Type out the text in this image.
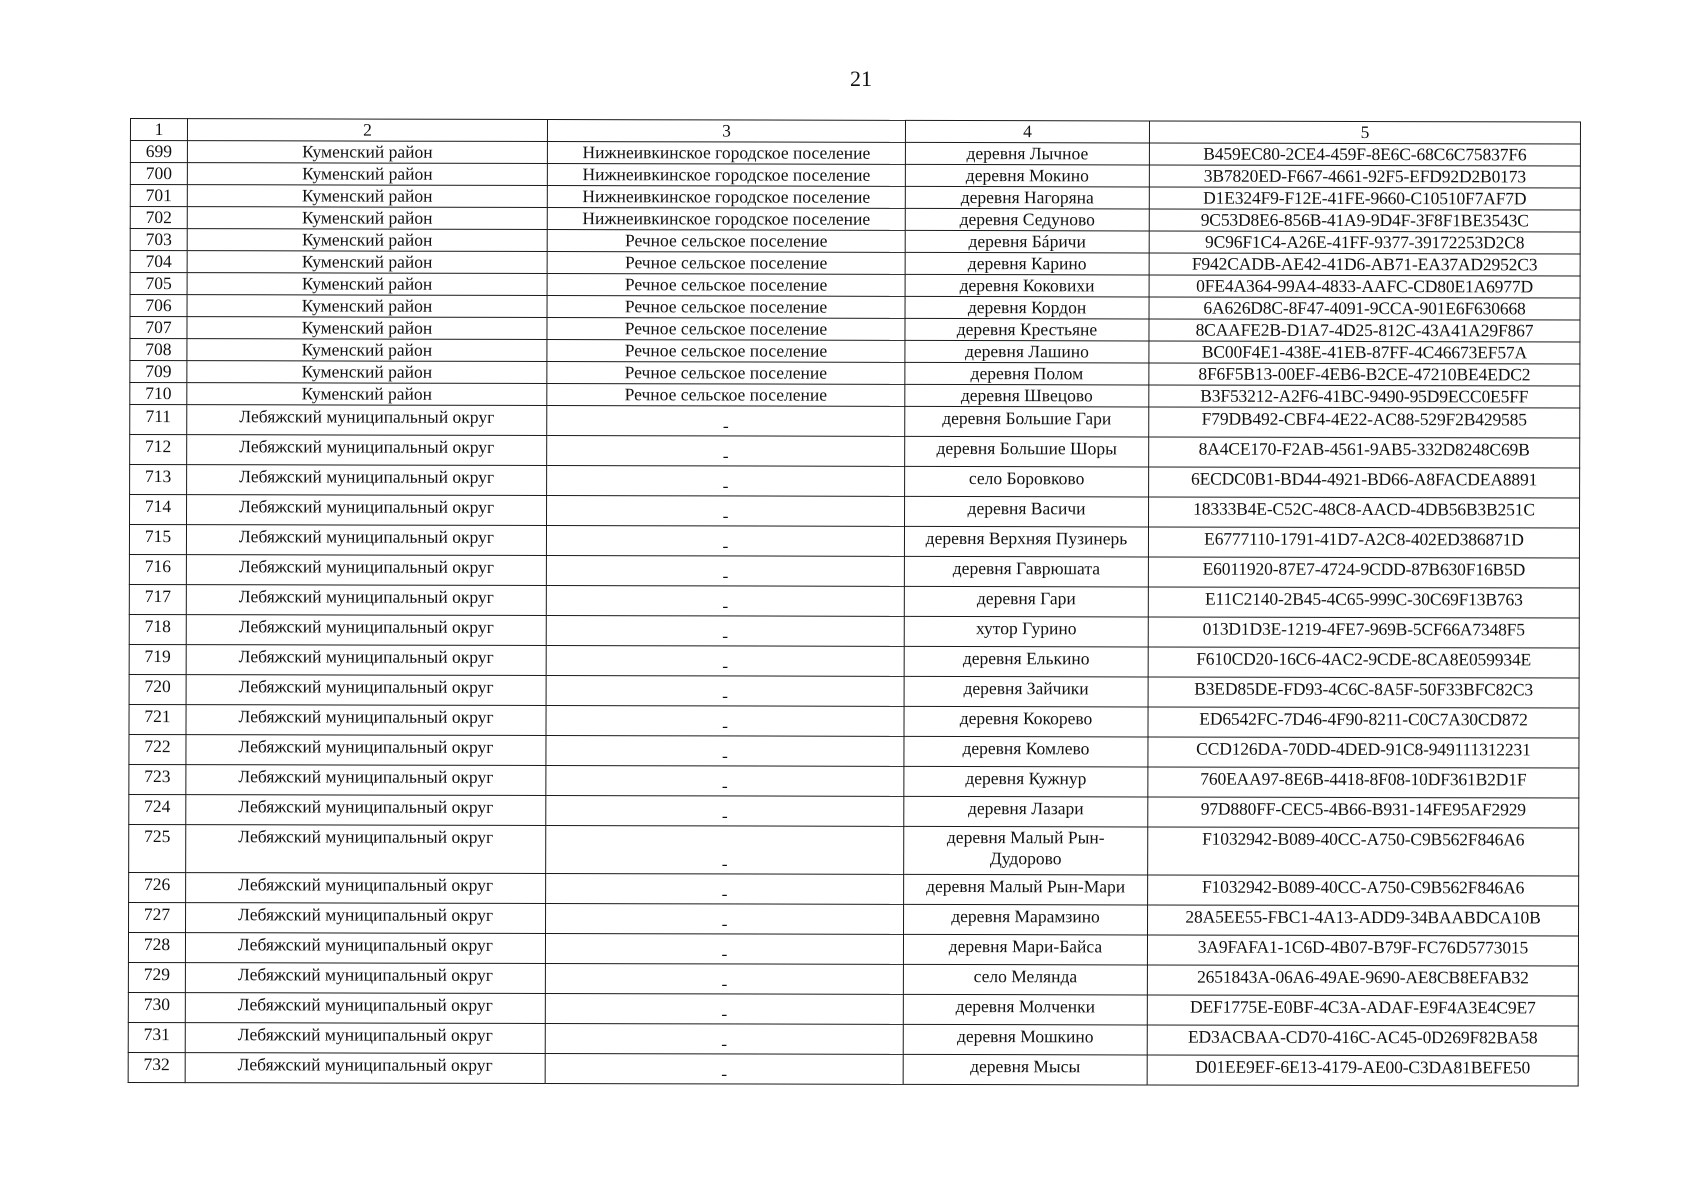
21
1	2	3	4	5
699	Куменский район	Нижнеивкинское городское поселение	деревня Лычное	B459EC80-2CE4-459F-8E6C-68C6C75837F6
700	Куменский район	Нижнеивкинское городское поселение	деревня Мокино	3B7820ED-F667-4661-92F5-EFD92D2B0173
701	Куменский район	Нижнеивкинское городское поселение	деревня Нагоряна	D1E324F9-F12E-41FE-9660-C10510F7AF7D
702	Куменский район	Нижнеивкинское городское поселение	деревня Седуново	9C53D8E6-856B-41A9-9D4F-3F8F1BE3543C
703	Куменский район	Речное сельское поселение	деревня Бáричи	9C96F1C4-A26E-41FF-9377-39172253D2C8
704	Куменский район	Речное сельское поселение	деревня Карино	F942CADB-AE42-41D6-AB71-EA37AD2952C3
705	Куменский район	Речное сельское поселение	деревня Коковихи	0FE4A364-99A4-4833-AAFC-CD80E1A6977D
706	Куменский район	Речное сельское поселение	деревня Кордон	6A626D8C-8F47-4091-9CCA-901E6F630668
707	Куменский район	Речное сельское поселение	деревня Крестьяне	8CAAFE2B-D1A7-4D25-812C-43A41A29F867
708	Куменский район	Речное сельское поселение	деревня Лашино	BC00F4E1-438E-41EB-87FF-4C46673EF57A
709	Куменский район	Речное сельское поселение	деревня Полом	8F6F5B13-00EF-4EB6-B2CE-47210BE4EDC2
710	Куменский район	Речное сельское поселение	деревня Швецово	B3F53212-A2F6-41BC-9490-95D9ECC0E5FF
711	Лебяжский муниципальный округ	-	деревня Большие Гари	F79DB492-CBF4-4E22-AC88-529F2B429585
712	Лебяжский муниципальный округ	-	деревня Большие Шоры	8A4CE170-F2AB-4561-9AB5-332D8248C69B
713	Лебяжский муниципальный округ	-	село Боровково	6ECDC0B1-BD44-4921-BD66-A8FACDEA8891
714	Лебяжский муниципальный округ	-	деревня Васичи	18333B4E-C52C-48C8-AACD-4DB56B3B251C
715	Лебяжский муниципальный округ	-	деревня Верхняя Пузинерь	E6777110-1791-41D7-A2C8-402ED386871D
716	Лебяжский муниципальный округ	-	деревня Гаврюшата	E6011920-87E7-4724-9CDD-87B630F16B5D
717	Лебяжский муниципальный округ	-	деревня Гари	E11C2140-2B45-4C65-999C-30C69F13B763
718	Лебяжский муниципальный округ	-	хутор Гурино	013D1D3E-1219-4FE7-969B-5CF66A7348F5
719	Лебяжский муниципальный округ	-	деревня Елькино	F610CD20-16C6-4AC2-9CDE-8CA8E059934E
720	Лебяжский муниципальный округ	-	деревня Зайчики	B3ED85DE-FD93-4C6C-8A5F-50F33BFC82C3
721	Лебяжский муниципальный округ	-	деревня Кокорево	ED6542FC-7D46-4F90-8211-C0C7A30CD872
722	Лебяжский муниципальный округ	-	деревня Комлево	CCD126DA-70DD-4DED-91C8-949111312231
723	Лебяжский муниципальный округ	-	деревня Кужнур	760EAA97-8E6B-4418-8F08-10DF361B2D1F
724	Лебяжский муниципальный округ	-	деревня Лазари	97D880FF-CEC5-4B66-B931-14FE95AF2929
725	Лебяжский муниципальный округ	-	деревня Малый Рын-Дудорово	F1032942-B089-40CC-A750-C9B562F846A6
726	Лебяжский муниципальный округ	-	деревня Малый Рын-Мари	F1032942-B089-40CC-A750-C9B562F846A6
727	Лебяжский муниципальный округ	-	деревня Марамзино	28A5EE55-FBC1-4A13-ADD9-34BAABDCA10B
728	Лебяжский муниципальный округ	-	деревня Мари-Байса	3A9FAFA1-1C6D-4B07-B79F-FC76D5773015
729	Лебяжский муниципальный округ	-	село Мелянда	2651843A-06A6-49AE-9690-AE8CB8EFAB32
730	Лебяжский муниципальный округ	-	деревня Молченки	DEF1775E-E0BF-4C3A-ADAF-E9F4A3E4C9E7
731	Лебяжский муниципальный округ	-	деревня Мошкино	ED3ACBAA-CD70-416C-AC45-0D269F82BA58
732	Лебяжский муниципальный округ	-	деревня Мысы	D01EE9EF-6E13-4179-AE00-C3DA81BEFE50
